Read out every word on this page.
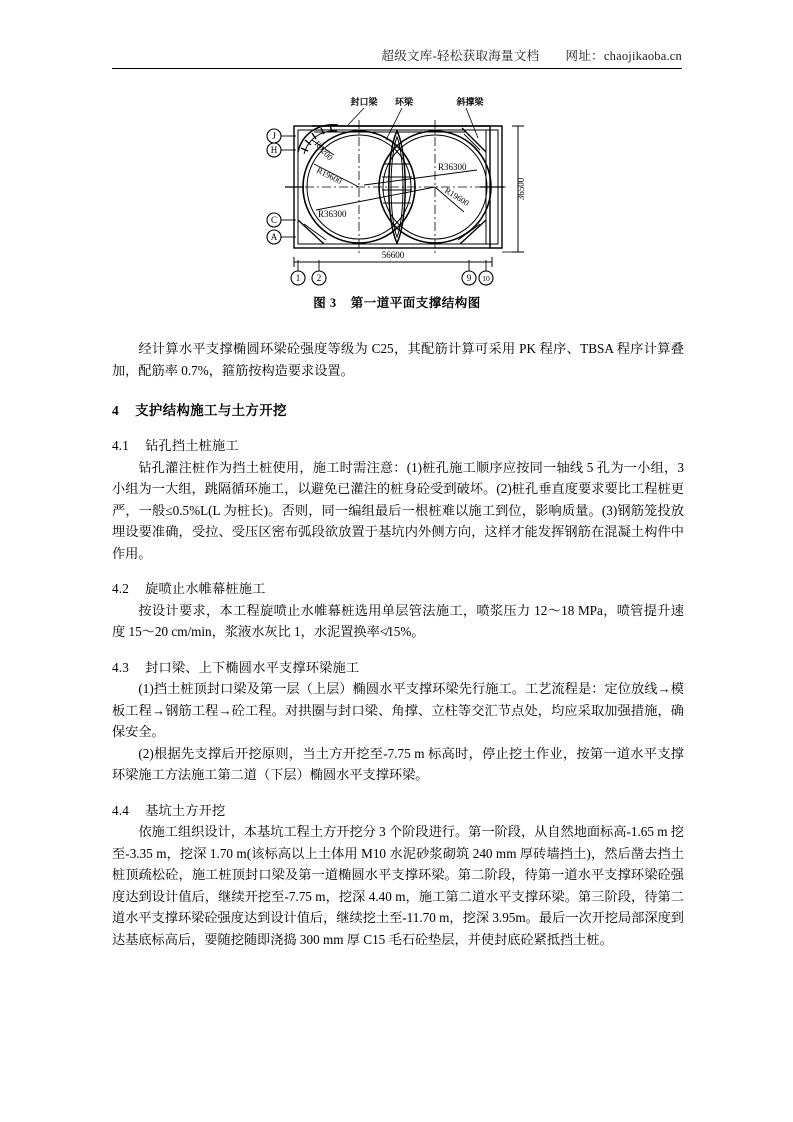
超级文库-轻松获取海量文档 网址： chaojikaoba.cn
封口梁 环梁	斜撑梁
R9200
R19600
R36300
R36300
R19600
56600
36500
J
H
C
A
1 2	9 10
图 3 第一道平面支撑结构图

经计算水平支撑椭圆环梁砼强度等级为 C25，其配筋计算可采用 PK 程序、TBSA 程序计算叠加，配筋率 0.7%，箍筋按构造要求设置。

4 支护结构施工与土方开挖
4.1 钻孔挡土桩施工

钻孔灌注桩作为挡土桩使用，施工时需注意：(1)桩孔施工顺序应按同一轴线 5 孔为一小组，3 小组为一大组，跳隔循环施工，以避免已灌注的桩身砼受到破坏。(2)桩孔垂直度要求要比工程桩更严，一般≤0.5%L(L 为桩长)。否则，同一编组最后一根桩难以施工到位，影响质量。(3)钢筋笼投放埋设要准确，受拉、受压区密布弧段欲放置于基坑内外侧方向，这样才能发挥钢筋在混凝土构件中作用。

4.2 旋喷止水帷幕桩施工

按设计要求，本工程旋喷止水帷幕桩选用单层管法施工，喷浆压力 12～18 MPa，喷管提升速度 15～20 cm/min，浆液水灰比 1，水泥置换率≮15%。

4.3 封口梁、上下椭圆水平支撑环梁施工

(1)挡土桩顶封口梁及第一层（上层）椭圆水平支撑环梁先行施工。工艺流程是：定位放线→模板工程→钢筋工程→砼工程。对拱圈与封口梁、角撑、立柱等交汇节点处，均应采取加强措施，确保安全。

(2)根据先支撑后开挖原则，当土方开挖至-7.75 m 标高时，停止挖土作业，按第一道水平支撑环梁施工方法施工第二道（下层）椭圆水平支撑环梁。

4.4 基坑土方开挖

依施工组织设计，本基坑工程土方开挖分 3 个阶段进行。第一阶段，从自然地面标高-1.65 m 挖至-3.35 m，挖深 1.70 m(该标高以上土体用 M10 水泥砂浆砌筑 240 mm 厚砖墙挡土)，然后凿去挡土桩顶疏松砼，施工桩顶封口梁及第一道椭圆水平支撑环梁。第二阶段，待第一道水平支撑环梁砼强度达到设计值后，继续开挖至-7.75 m，挖深 4.40 m，施工第二道水平支撑环梁。第三阶段，待第二道水平支撑环梁砼强度达到设计值后，继续挖土至-11.70 m，挖深 3.95m。最后一次开挖局部深度到达基底标高后，要随挖随即浇捣 300 mm 厚 C15 毛石砼垫层，并使封底砼紧抵挡土桩。
